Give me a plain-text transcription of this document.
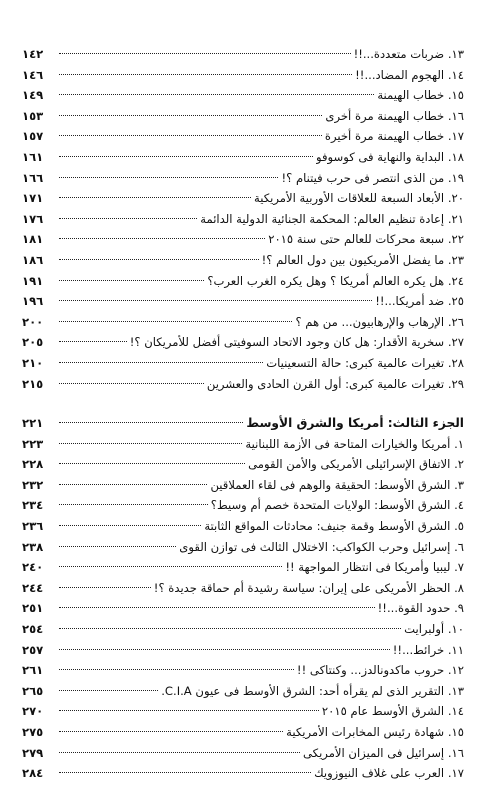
١٤٢	١٣. ضربات متعددة...!!
١٤٦	١٤. الهجوم المضاد...!!
١٤٩	١٥. خطاب الهيمنة
١٥٣	١٦. خطاب الهيمنة مرة أخرى
١٥٧	١٧. خطاب الهيمنة مرة أخيرة
١٦١	١٨. البداية والنهاية فى كوسوفو
١٦٦	١٩. من الذى انتصر فى حرب فيتنام ؟!
١٧١	٢٠. الأبعاد السبعة للعلاقات الأوربية الأمريكية
١٧٦	٢١. إعادة تنظيم العالم: المحكمة الجنائية الدولية الدائمة
١٨١	٢٢. سبعة محركات للعالم حتى سنة ٢٠١٥
١٨٦	٢٣. ما يفضل الأمريكيون بين دول العالم ؟!
١٩١	٢٤. هل يكره العالم أمريكا ؟ وهل يكره الغرب العرب؟
١٩٦	٢٥. ضد أمريكا...!!
٢٠٠	٢٦. الإرهاب والإرهابيون... من هم ؟
٢٠٥	٢٧. سخرية الأقدار: هل كان وجود الاتحاد السوفيتى أفضل للأمريكان ؟!
٢١٠	٢٨. تغيرات عالمية كبرى: حالة التسعينيات
٢١٥	٢٩. تغيرات عالمية كبرى: أول القرن الحادى والعشرين
٢٢١	الجزء الثالث: أمريكا والشرق الأوسط
٢٢٣	١. أمريكا والخيارات المتاحة فى الأزمة اللبنانية
٢٢٨	٢. الاتفاق الإسرائيلى الأمريكى والأمن القومى
٢٣٢	٣. الشرق الأوسط: الحقيقة والوهم فى لقاء العملاقين
٢٣٤	٤. الشرق الأوسط: الولايات المتحدة خصم أم وسيط؟
٢٣٦	٥. الشرق الأوسط وقمة جنيف: محادثات المواقع الثابتة
٢٣٨	٦. إسرائيل وحرب الكواكب: الاختلال الثالث فى توازن القوى
٢٤٠	٧. ليبيا وأمريكا فى انتظار المواجهة !!
٢٤٤	٨. الحظر الأمريكى على إيران: سياسة رشيدة أم حماقة جديدة ؟!
٢٥١	٩. حدود القوة...!!
٢٥٤	١٠. أولبرايت
٢٥٧	١١. خرائط...!!
٢٦١	١٢. حروب ماكدونالدز... وكنتاكى !!
٢٦٥	١٣. التقرير الذى لم يقرأه أحد: الشرق الأوسط فى عيون C.I.A.
٢٧٠	١٤. الشرق الأوسط عام ٢٠١٥
٢٧٥	١٥. شهادة رئيس المخابرات الأمريكية
٢٧٩	١٦. إسرائيل فى الميزان الأمريكى
٢٨٤	١٧. العرب على غلاف النيوزويك
